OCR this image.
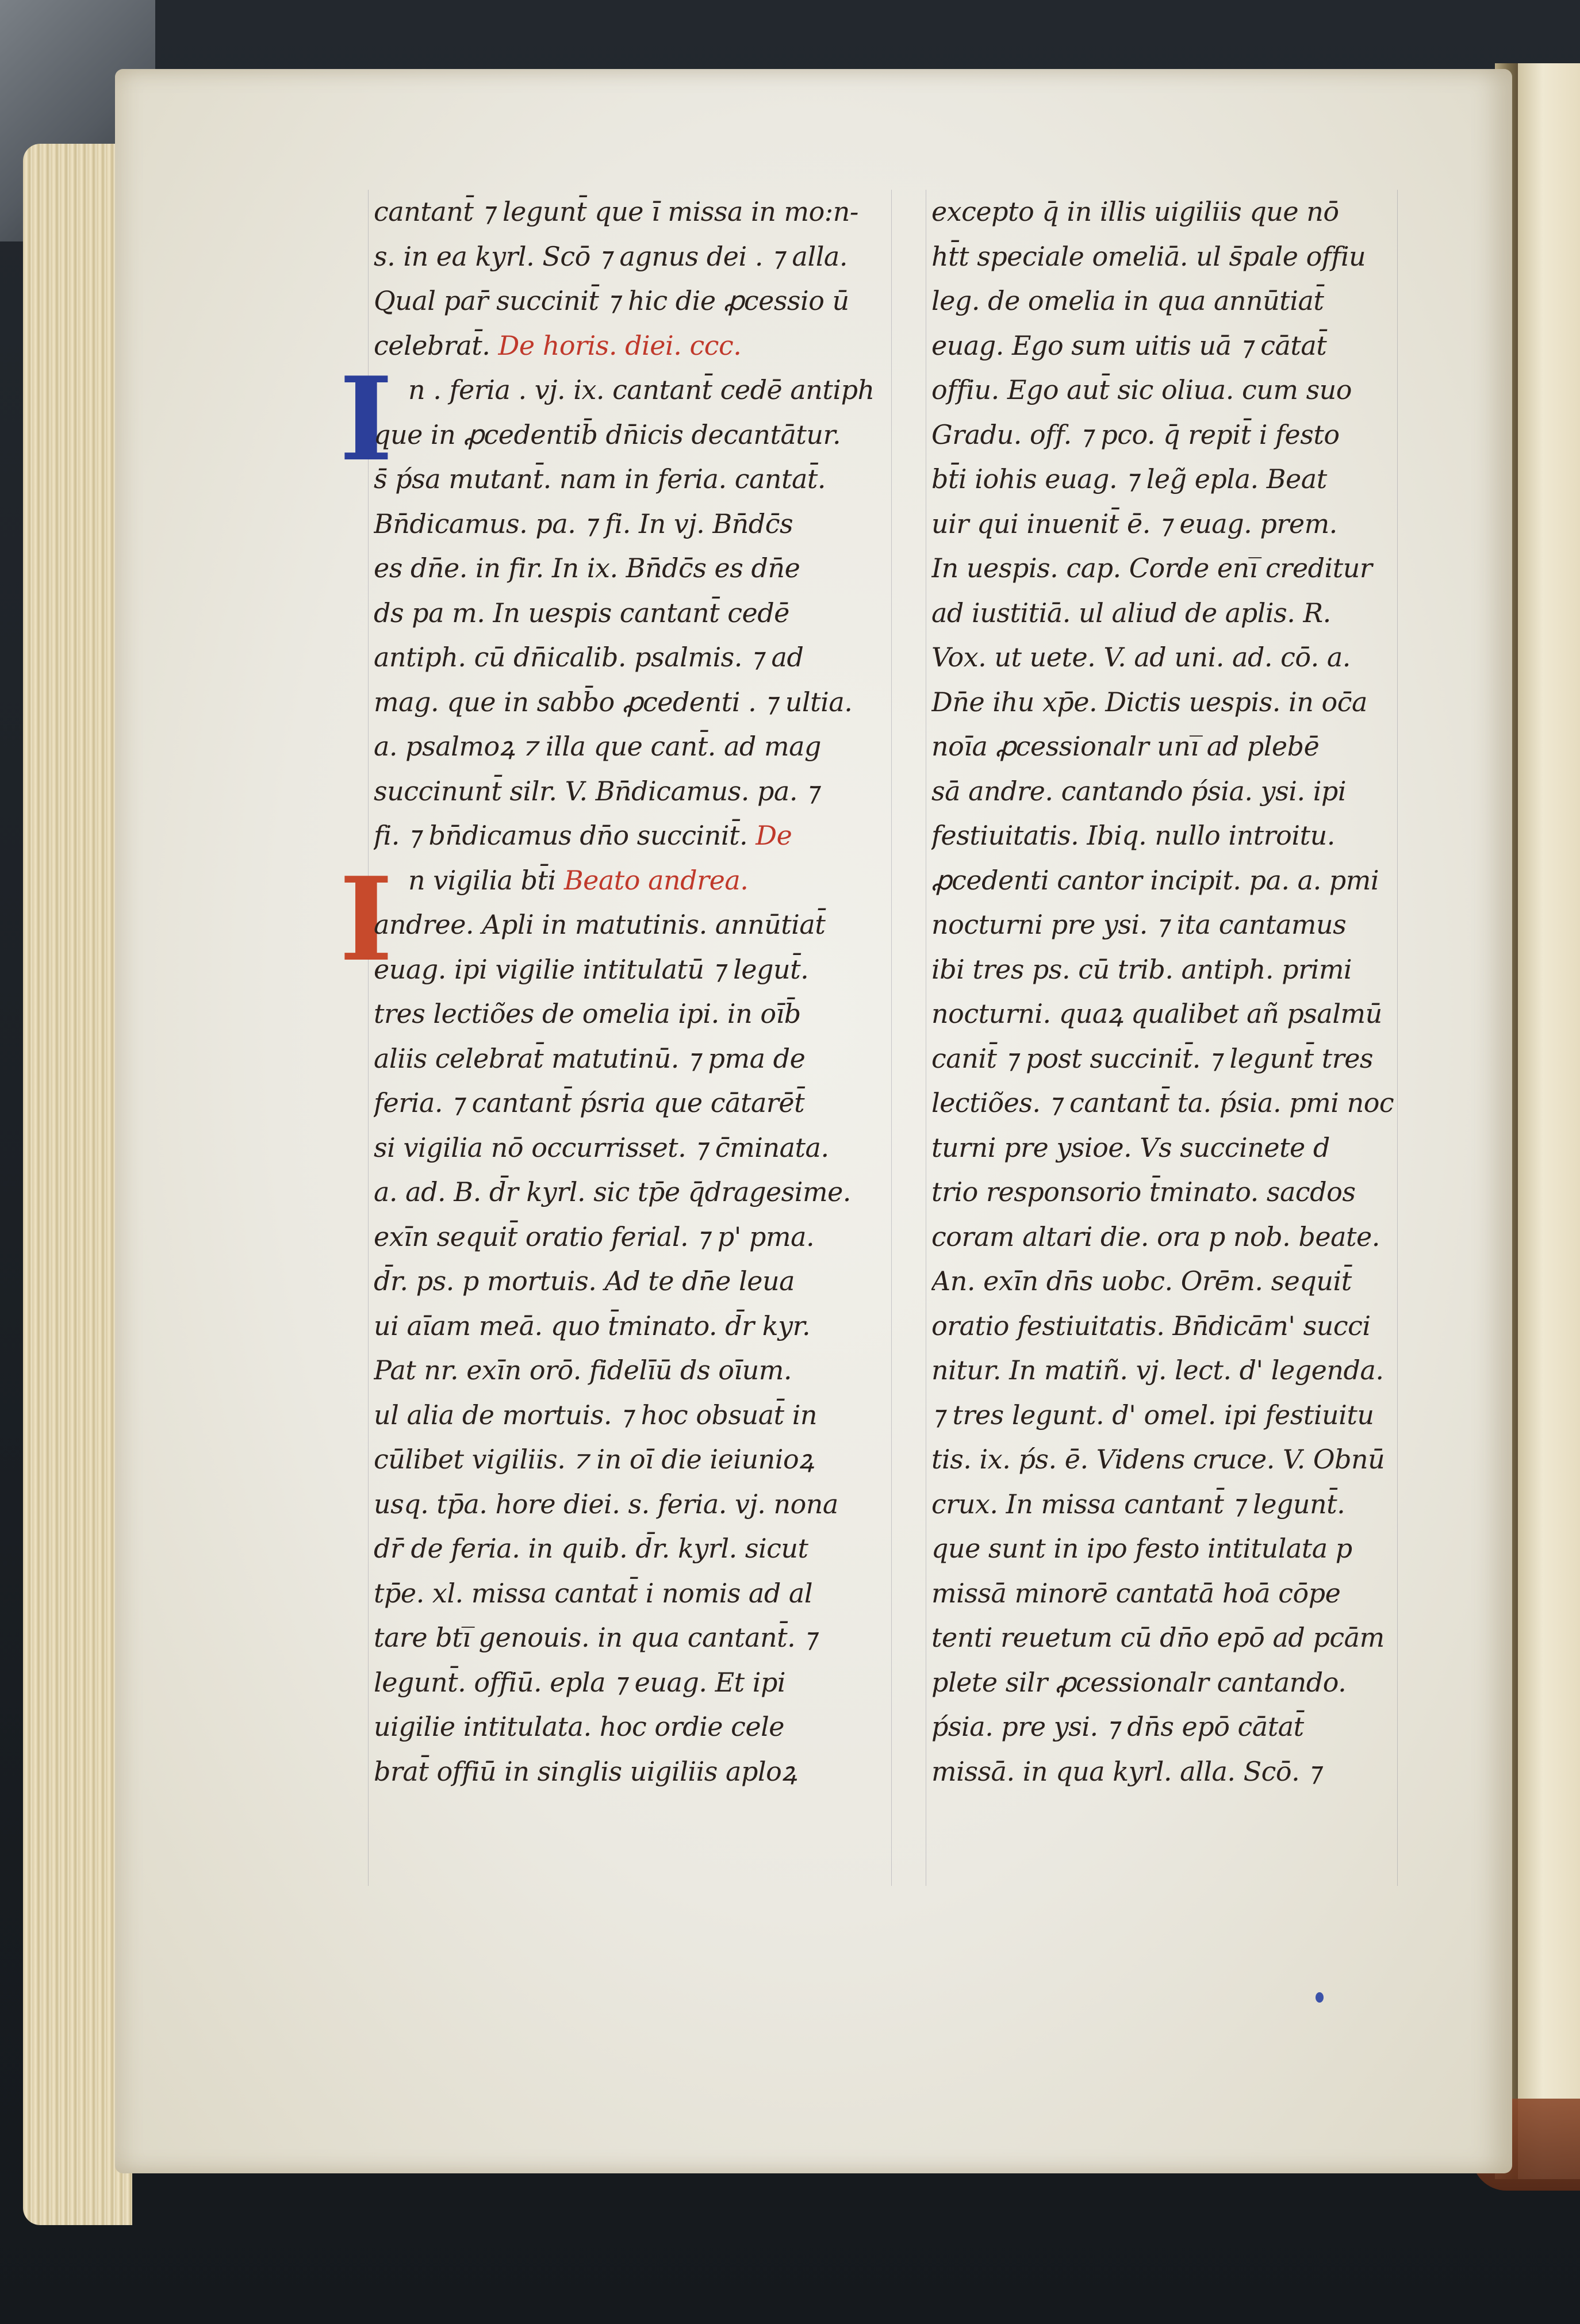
I
I
cantant̄ ⁊ legunt̄ que ī missa in mo:n-
s. in ea kyrl. Scō ⁊ agnus dei . ⁊ alla.
Qual par̄ succinit̄ ⁊ hic die ꝓcessio ū
celebrat̄. De horis. diei. ccc.
n . feria . vj. ix. cantant̄ cedē antiph
que in ꝓcedentib̄ dn̄icis decantātur.
s̄ ṕsa mutant̄. nam in feria. cantat̄.
Bn̄dicamus. pa. ⁊ fi. In vj. Bn̄dc̄s
es dn̄e. in fir. In ix. Bn̄dc̄s es dn̄e
ds pa m. In uespis cantant̄ cedē
antiph. cū dn̄icalib. psalmis. ⁊ ad
mag. que in sabb̄o ꝓcedenti . ⁊ ultia.
a. psalmoꝝ ⁊ illa que cant̄. ad mag
succinunt̄ silr. V. Bn̄dicamus. pa. ⁊
fi. ⁊ bn̄dicamus dn̄o succinit̄. De
n vigilia bt̄i Beato andrea.
andree. Apli in matutinis. annūtiat̄
euag. ipi vigilie intitulatū ⁊ legut̄.
tres lectiões de omelia ipi. in oīb̄
aliis celebrat̄ matutinū. ⁊ pma de
feria. ⁊ cantant̄ ṕsria que cātarēt̄
si vigilia nō occurrisset. ⁊ c̄minata.
a. ad. B. d̄r kyrl. sic tp̄e q̄dragesime.
exīn sequit̄ oratio ferial. ⁊ p' pma.
d̄r. ps. p mortuis. Ad te dn̄e leua
ui aīam meā. quo t̄minato. d̄r kyr.
Pat nr. exīn orō. fidelīū ds oīum.
ul alia de mortuis. ⁊ hoc obsuat̄ in
cūlibet vigiliis. ⁊ in oī die ieiunioꝝ
usq. tp̄a. hore diei. s. feria. vj. nona
dr̄ de feria. in quib. d̄r. kyrl. sicut
tp̄e. xl. missa cantat̄ i nomis ad al
tare bti̅ genouis. in qua cantant̄. ⁊
legunt̄. offiū. epla ⁊ euag. Et ipi
uigilie intitulata. hoc ordie cele
brat̄ offiū in singlis uigiliis aploꝝ
excepto q̄ in illis uigiliis que nō
ht̄t speciale omeliā. ul s̄pale offiu
leg. de omelia in qua annūtiat̄
euag. Ego sum uitis uā ⁊ cātat̄
offiu. Ego aut̄ sic oliua. cum suo
Gradu. off. ⁊ pco. q̄ repit̄ i festo
bt̄i iohis euag. ⁊ leg̃ epla. Beat
uir qui inuenit̄ ē. ⁊ euag. prem.
In uespis. cap. Corde eni̅ creditur
ad iustitiā. ul aliud de aplis. R.
Vox. ut uete. V. ad uni. ad. cō. a.
Dn̄e ihu xp̄e. Dictis uespis. in oc̄a
noīa ꝓcessionalr uni̅ ad plebē
sā andre. cantando ṕsia. ysi. ipi
festiuitatis. Ibiq. nullo introitu.
ꝓcedenti cantor incipit. pa. a. pmi
nocturni pre ysi. ⁊ ita cantamus
ibi tres ps. cū trib. antiph. primi
nocturni. quaꝝ qualibet añ psalmū
canit̄ ⁊ post succinit̄. ⁊ legunt̄ tres
lectiões. ⁊ cantant̄ ta. ṕsia. pmi noc
turni pre ysioe. Vs succinete d
trio responsorio t̄minato. sacdos
coram altari die. ora p nob. beate.
An. exīn dn̄s uobc. Orēm. sequit̄
oratio festiuitatis. Bn̄dicām' succi
nitur. In matiñ. vj. lect. d' legenda.
⁊ tres legunt. d' omel. ipi festiuitu
tis. ix. ṕs. ē. Videns cruce. V. Obnū
crux. In missa cantant̄ ⁊ legunt̄.
que sunt in ipo festo intitulata p
missā minorē cantatā hoā cōpe
tenti reuetum cū dn̄o epō ad pcām
plete silr ꝓcessionalr cantando.
ṕsia. pre ysi. ⁊ dn̄s epō cātat̄
missā. in qua kyrl. alla. Scō. ⁊
